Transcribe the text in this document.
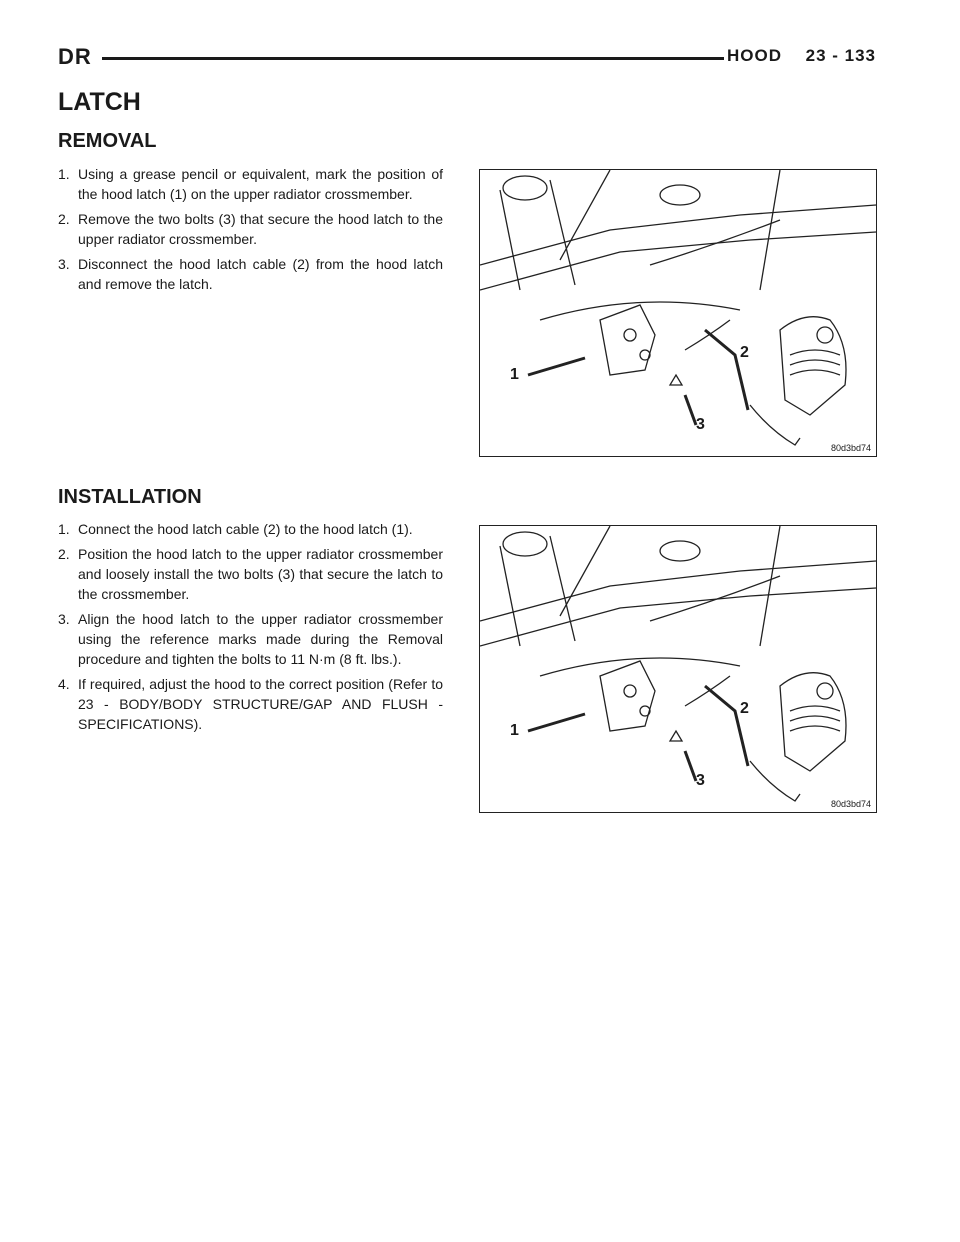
DR	HOOD 23 - 133
LATCH
REMOVAL
1. Using a grease pencil or equivalent, mark the position of the hood latch (1) on the upper radiator crossmember.
2. Remove the two bolts (3) that secure the hood latch to the upper radiator crossmember.
3. Disconnect the hood latch cable (2) from the hood latch and remove the latch.
1
2
3
80d3bd74
INSTALLATION
1. Connect the hood latch cable (2) to the hood latch (1).
2. Position the hood latch to the upper radiator crossmember and loosely install the two bolts (3) that secure the latch to the crossmember.
3. Align the hood latch to the upper radiator crossmember using the reference marks made during the Removal procedure and tighten the bolts to 11 N·m (8 ft. lbs.).
4. If required, adjust the hood to the correct position (Refer to 23 - BODY/BODY STRUCTURE/GAP AND FLUSH - SPECIFICATIONS).	1
2
3
80d3bd74
